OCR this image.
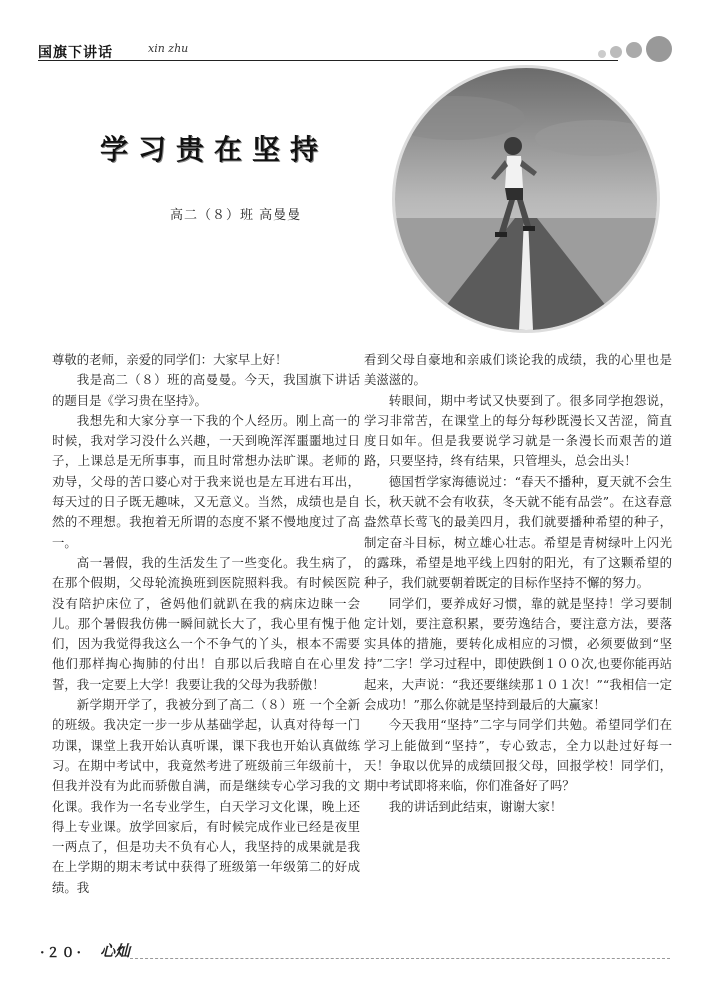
国旗下讲话	xin zhu
学习贵在坚持
高二（８）班 高曼曼

尊敬的老师，亲爱的同学们：大家早上好！

我是高二（８）班的高曼曼。今天，我国旗下讲话的题目是《学习贵在坚持》。

我想先和大家分享一下我的个人经历。刚上高一的时候，我对学习没什么兴趣，一天到晚浑浑噩噩地过日子，上课总是无所事事，而且时常想办法旷课。老师的劝导，父母的苦口婆心对于我来说也是左耳进右耳出，每天过的日子既无趣味，又无意义。当然，成绩也是自然的不理想。我抱着无所谓的态度不紧不慢地度过了高一。

高一暑假，我的生活发生了一些变化。我生病了，在那个假期，父母轮流换班到医院照料我。有时候医院没有陪护床位了，爸妈他们就趴在我的病床边睐一会儿。那个暑假我仿佛一瞬间就长大了，我心里有愧于他们，因为我觉得我这么一个不争气的丫头，根本不需要他们那样掏心掏肺的付出！自那以后我暗自在心里发誓，我一定要上大学！我要让我的父母为我骄傲！

新学期开学了，我被分到了高二（８）班 一个全新的班级。我决定一步一步从基础学起，认真对待每一门功课，课堂上我开始认真听课，课下我也开始认真做练习。在期中考试中，我竟然考进了班级前三年级前十，但我并没有为此而骄傲自满，而是继续专心学习我的文化课。我作为一名专业学生，白天学习文化课，晚上还得上专业课。放学回家后，有时候完成作业已经是夜里一两点了，但是功夫不负有心人，我坚持的成果就是我在上学期的期末考试中获得了班级第一年级第二的好成绩。我

看到父母自豪地和亲戚们谈论我的成绩，我的心里也是美滋滋的。

转眼间，期中考试又快要到了。很多同学抱怨说，学习非常苦，在课堂上的每分每秒既漫长又苦涩，简直度日如年。但是我要说学习就是一条漫长而艰苦的道路，只要坚持，终有结果，只管埋头，总会出头！

德国哲学家海德说过：“春天不播种，夏天就不会生长，秋天就不会有收获，冬天就不能有品尝”。在这春意盎然草长莺飞的最美四月，我们就要播种希望的种子，制定奋斗目标，树立雄心壮志。希望是青树绿叶上闪光的露珠，希望是地平线上四射的阳光，有了这颗希望的种子，我们就要朝着既定的目标作坚持不懈的努力。

同学们，要养成好习惯，靠的就是坚持！学习要制定计划，要注意积累，要劳逸结合，要注意方法，要落实具体的措施，要转化成相应的习惯，必须要做到“坚持”二字！学习过程中，即使跌倒１００次,也要你能再站起来，大声说：“我还要继续那１０１次！”“我相信一定会成功！”那么你就是坚持到最后的大赢家！

今天我用“坚持”二字与同学们共勉。希望同学们在学习上能做到“坚持”，专心致志，全力以赴过好每一天！争取以优异的成绩回报父母，回报学校！同学们，期中考试即将来临，你们准备好了吗？

我的讲话到此结束，谢谢大家！

·２０· 心灿
